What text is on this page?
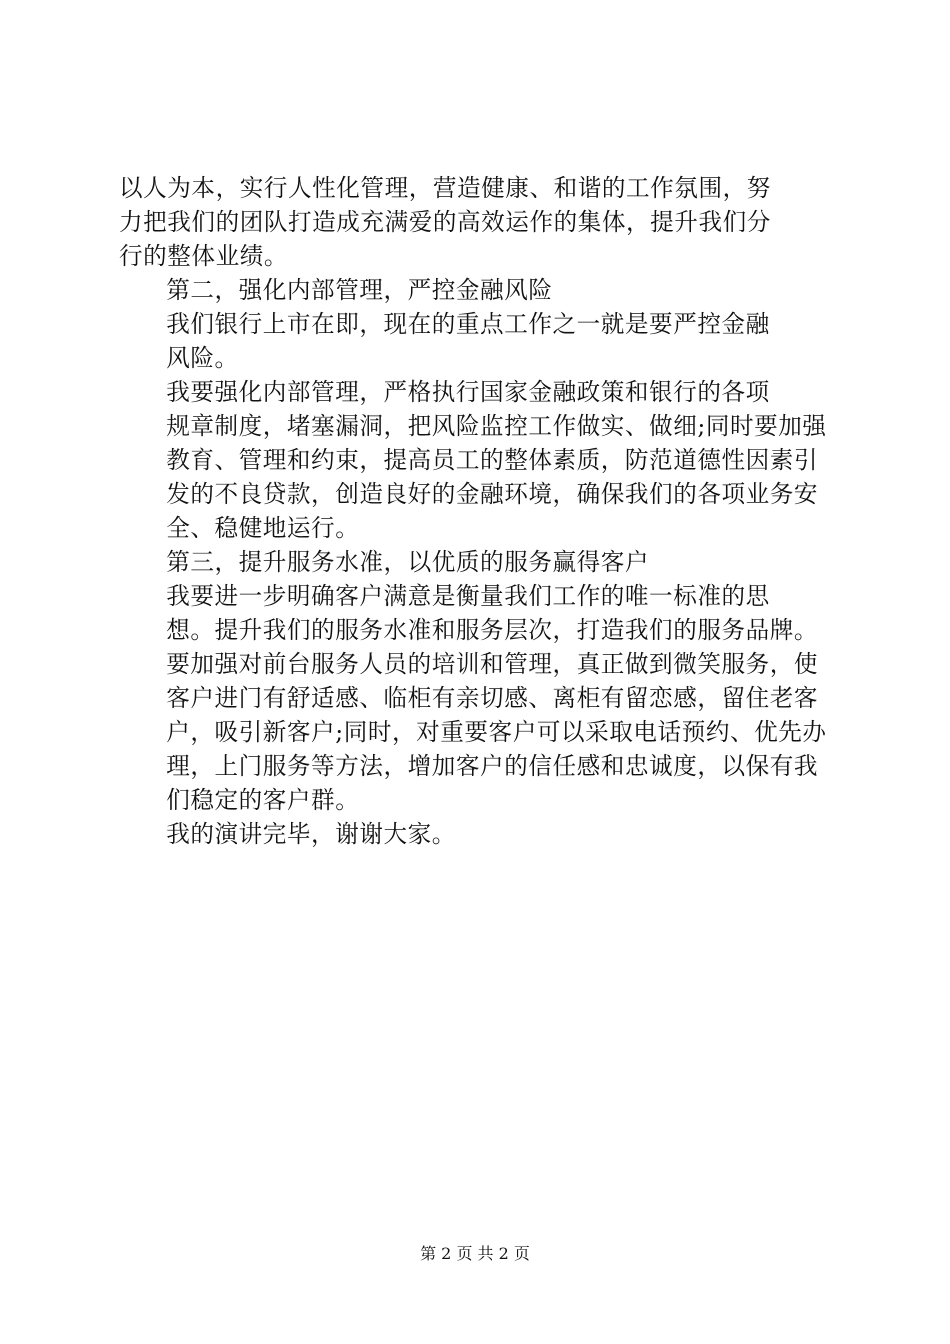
以人为本，实行人性化管理，营造健康、和谐的工作氛围，努
力把我们的团队打造成充满爱的高效运作的集体，提升我们分
行的整体业绩。

第二，强化内部管理，严控金融风险

我们银行上市在即，现在的重点工作之一就是要严控金融
风险。

我要强化内部管理，严格执行国家金融政策和银行的各项
规章制度，堵塞漏洞，把风险监控工作做实、做细;同时要加强
教育、管理和约束，提高员工的整体素质，防范道德性因素引
发的不良贷款，创造良好的金融环境，确保我们的各项业务安
全、稳健地运行。

第三，提升服务水准，以优质的服务赢得客户

我要进一步明确客户满意是衡量我们工作的唯一标准的思
想。提升我们的服务水准和服务层次，打造我们的服务品牌。
要加强对前台服务人员的培训和管理，真正做到微笑服务，使
客户进门有舒适感、临柜有亲切感、离柜有留恋感，留住老客
户，吸引新客户;同时，对重要客户可以采取电话预约、优先办
理，上门服务等方法，增加客户的信任感和忠诚度，以保有我
们稳定的客户群。

我的演讲完毕，谢谢大家。

第 2 页 共 2 页
